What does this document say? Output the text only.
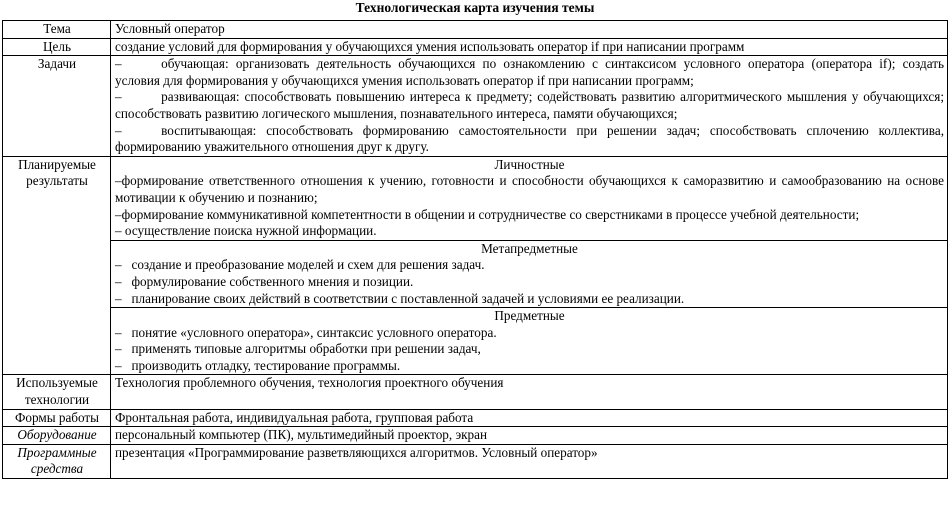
Технологическая карта изучения темы
Тема	Условный оператор
Цель	создание условий для формирования у обучающихся умения использовать оператор if при написании программ
Задачи	–   обучающая: организовать деятельность обучающихся по ознакомлению с синтаксисом условного оператора (оператора if); создать условия для формирования у обучающихся умения использовать оператор if при написании программ;
–   развивающая: способствовать повышению интереса к предмету; содействовать развитию алгоритмического мышления у обучающихся; способствовать развитию логического мышления, познавательного интереса, памяти обучающихся;
–   воспитывающая: способствовать формированию самостоятельности при решении задач; способствовать сплочению коллектива, формированию уважительного отношения друг к другу.

Планируемые результаты	Личностные
–формирование ответственного отношения к учению, готовности и способности обучающихся к саморазвитию и самообразованию на основе мотивации к обучению и познанию;
–формирование коммуникативной компетентности в общении и сотрудничестве со сверстниками в процессе учебной деятельности;
– осуществление поиска нужной информации.

	Метапредметные
–  создание и преобразование моделей и схем для решения задач.
–  формулирование собственного мнения и позиции.
–  планирование своих действий в соответствии с поставленной задачей и условиями ее реализации.

	Предметные
–  понятие «условного оператора», синтаксис условного оператора.
–  применять типовые алгоритмы обработки при решении задач,
–  производить отладку, тестирование программы.

Используемые технологии	Технология проблемного обучения, технология проектного обучения
Формы работы	Фронтальная работа, индивидуальная работа, групповая работа
Оборудование	персональный компьютер (ПК), мультимедийный проектор, экран
Программные средства	презентация «Программирование разветвляющихся алгоритмов. Условный оператор»
